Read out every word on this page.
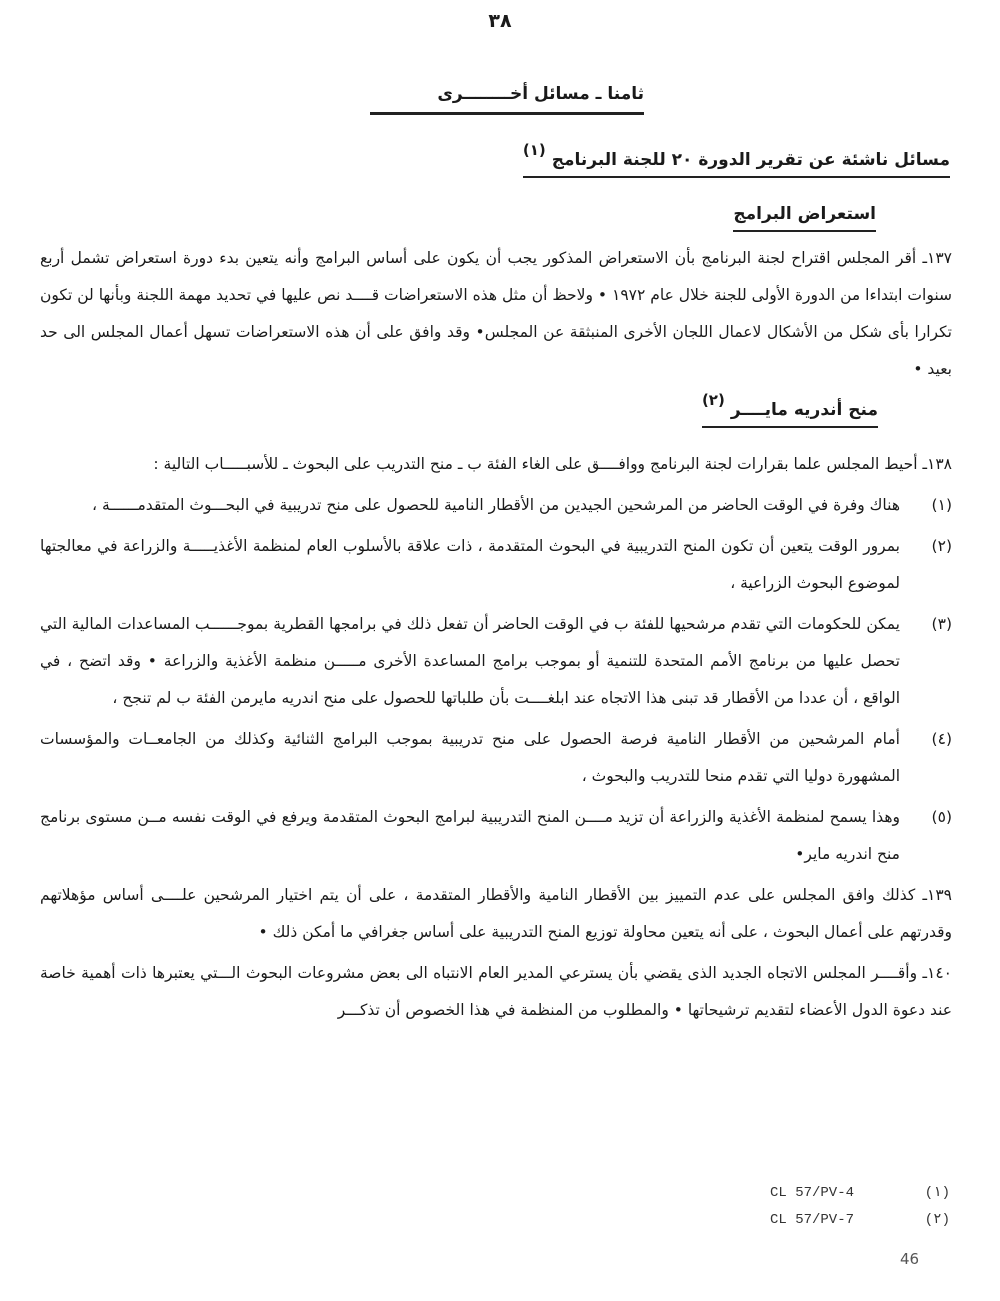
٣٨
ثامنا ـ مسائل أخــــــــرى
مسائل ناشئة عن تقرير الدورة ٢٠ للجنة البرنامج(١)
استعراض البرامج

١٣٧ـ أقر المجلس اقتراح لجنة البرنامج بأن الاستعراض المذكور يجب أن يكون على أساس البرامج وأنه يتعين بدء دورة استعراض تشمل أربع سنوات ابتداءا من الدورة الأولى للجنة خلال عام ١٩٧٢ • ولاحظ أن مثل هذه الاستعراضات قــــد نص عليها في تحديد مهمة اللجنة وبأنها لن تكون تكرارا بأى شكل من الأشكال لاعمال اللجان الأخرى المنبثقة عن المجلس• وقد وافق على أن هذه الاستعراضات تسهل أعمال المجلس الى حد بعيد •

١٣٨ـ أحيط المجلس علما بقرارات لجنة البرنامج ووافــــق على الغاء الفئة ب ـ منح التدريب على البحوث ـ للأسبـــــاب التالية :

(١)
هناك وفرة في الوقت الحاضر من المرشحين الجيدين من الأقطار النامية للحصول على منح تدريبية في البحـــوث المتقدمــــــة ،
(٢)
بمرور الوقت يتعين أن تكون المنح التدريبية في البحوث المتقدمة ، ذات علاقة بالأسلوب العام لمنظمة الأغذيـــــة والزراعة في معالجتها لموضوع البحوث الزراعية ،
(٣)
يمكن للحكومات التي تقدم مرشحيها للفئة ب في الوقت الحاضر أن تفعل ذلك في برامجها القطرية بموجــــــب المساعدات المالية التي تحصل عليها من برنامج الأمم المتحدة للتنمية أو بموجب برامج المساعدة الأخرى مـــــن منظمة الأغذية والزراعة • وقد اتضح ، في الواقع ، أن عددا من الأقطار قد تبنى هذا الاتجاه عند ابلغــــت بأن طلباتها للحصول على منح اندريه مايرمن الفئة ب لم تنجح ،
(٤)
أمام المرشحين من الأقطار النامية فرصة الحصول على منح تدريبية بموجب البرامج الثنائية وكذلك من الجامعــات والمؤسسات المشهورة دوليا التي تقدم منحا للتدريب والبحوث ،
(٥)
وهذا يسمح لمنظمة الأغذية والزراعة أن تزيد مــــن المنح التدريبية لبرامج البحوث المتقدمة ويرفع في الوقت نفسه مــن مستوى برنامج منح اندريه ماير•

١٣٩ـ كذلك وافق المجلس على عدم التمييز بين الأقطار النامية والأقطار المتقدمة ، على أن يتم اختيار المرشحين علــــى أساس مؤهلاتهم وقدرتهم على أعمال البحوث ، على أنه يتعين محاولة توزيع المنح التدريبية على أساس جغرافي ما أمكن ذلك •

١٤٠ـ وأقــــر المجلس الاتجاه الجديد الذى يقضي بأن يسترعي المدير العام الانتباه الى بعض مشروعات البحوث الـــتي يعتبرها ذات أهمية خاصة عند دعوة الدول الأعضاء لتقديم ترشيحاتها • والمطلوب من المنظمة في هذا الخصوص أن تذكـــر

منح أندريه مايــــر(٢)
CL 57/PV-4	(١)
CL 57/PV-7	(٢)
46
